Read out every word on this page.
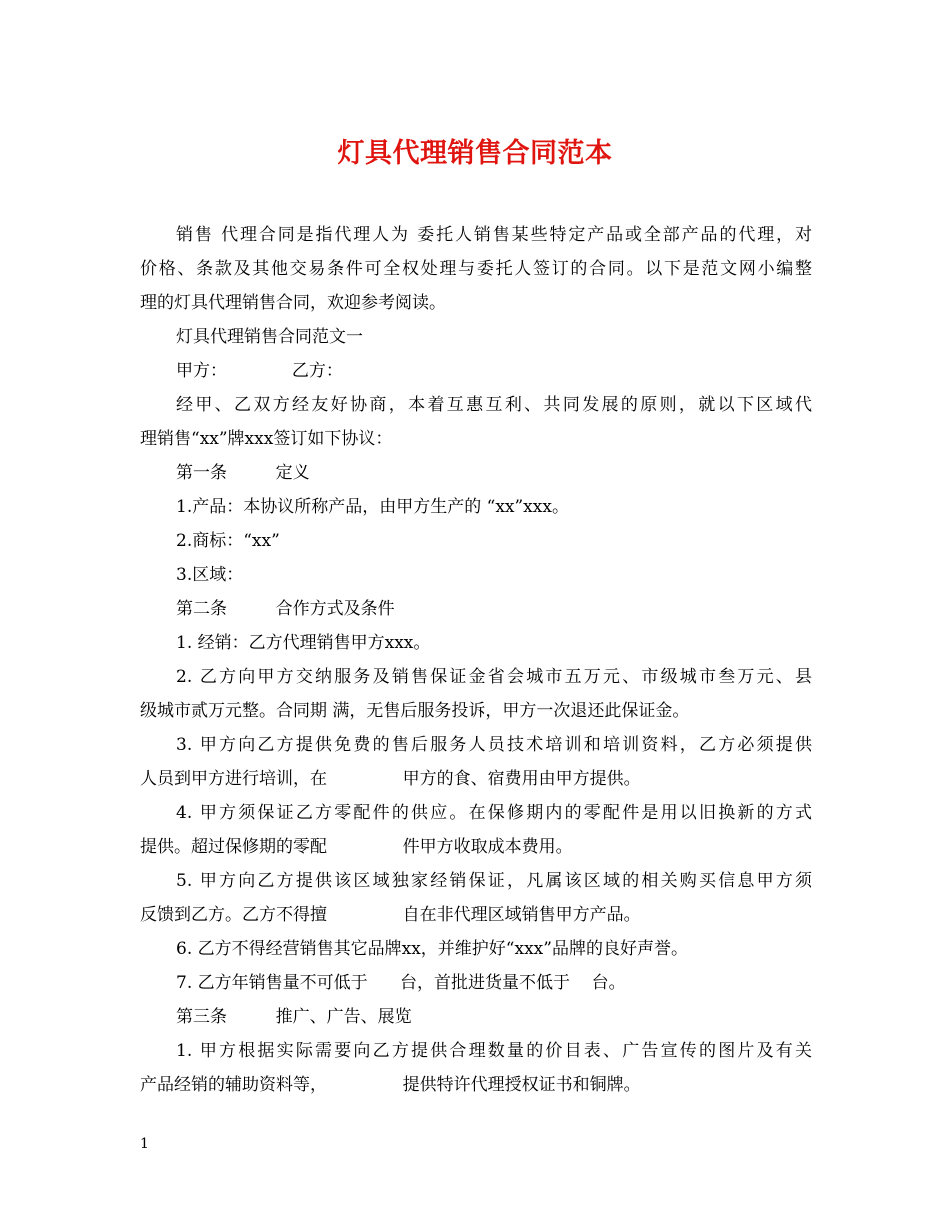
灯具代理销售合同范本
销售 代理合同是指代理人为 委托人销售某些特定产品或全部产品的代理，对
价格、条款及其他交易条件可全权处理与委托人签订的合同。以下是范文网小编整
理的灯具代理销售合同，欢迎参考阅读。
灯具代理销售合同范文一
甲方：            乙方：
经甲、乙双方经友好协商，本着互惠互利、共同发展的原则，就以下区域代
理销售“xx”牌xxx签订如下协议：
第一条         定义
1.产品：本协议所称产品，由甲方生产的 “xx”xxx。
2.商标：“xx”
3.区域：
第二条         合作方式及条件
1. 经销：乙方代理销售甲方xxx。
2. 乙方向甲方交纳服务及销售保证金省会城市五万元、市级城市叁万元、县
级城市贰万元整。合同期 满，无售后服务投诉，甲方一次退还此保证金。
3. 甲方向乙方提供免费的售后服务人员技术培训和培训资料，乙方必须提供
人员到甲方进行培训，在              甲方的食、宿费用由甲方提供。
4. 甲方须保证乙方零配件的供应。在保修期内的零配件是用以旧换新的方式
提供。超过保修期的零配              件甲方收取成本费用。
5. 甲方向乙方提供该区域独家经销保证，凡属该区域的相关购买信息甲方须
反馈到乙方。乙方不得擅              自在非代理区域销售甲方产品。
6. 乙方不得经营销售其它品牌xx，并维护好“xxx”品牌的良好声誉。
7. 乙方年销售量不可低于      台，首批进货量不低于    台。
第三条         推广、广告、展览
1. 甲方根据实际需要向乙方提供合理数量的价目表、广告宣传的图片及有关
产品经销的辅助资料等，              提供特许代理授权证书和铜牌。
1
